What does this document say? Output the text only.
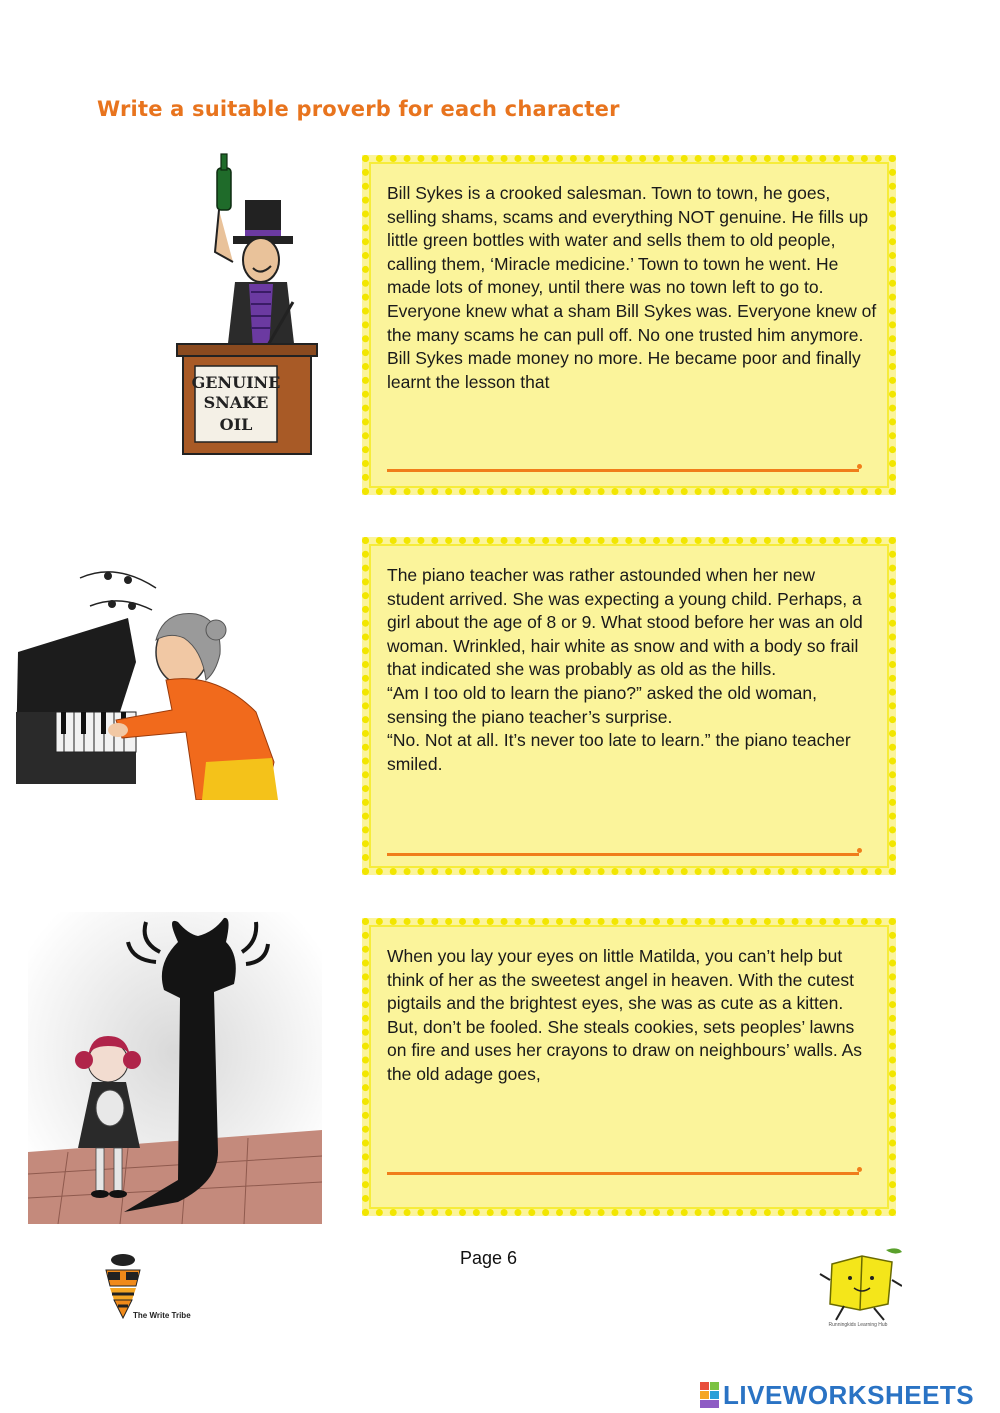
Write a suitable proverb for each character
GENUINE
SNAKE
OIL
Bill Sykes is a crooked salesman. Town to town, he goes, selling shams, scams and everything NOT genuine. He fills up little green bottles with water and sells them to old people, calling them, ‘Miracle medicine.’ Town to town he went. He made lots of money, until there was no town left to go to. Everyone knew what a sham Bill Sykes was. Everyone knew of the many scams he can pull off. No one trusted him anymore. Bill Sykes made money no more. He became poor and finally learnt the lesson that
The piano teacher was rather astounded when her new student arrived. She was expecting a young child. Perhaps, a girl about the age of 8 or 9. What stood before her was an old woman. Wrinkled, hair white as snow and with a body so frail that indicated she was probably as old as the hills.
“Am I too old to learn the piano?” asked the old woman, sensing the piano teacher’s surprise.
“No. Not at all. It’s never too late to learn.” the piano teacher smiled.
When you lay your eyes on little Matilda, you can’t help but think of her as the sweetest angel in heaven. With the cutest pigtails and the brightest eyes, she was as cute as a kitten. But, don’t be fooled. She steals cookies, sets peoples’ lawns on fire and uses her crayons to draw on neighbours’ walls. As the old adage goes,
The Write Tribe
Page 6
Runningkids Learning Hub
LIVEWORKSHEETS
